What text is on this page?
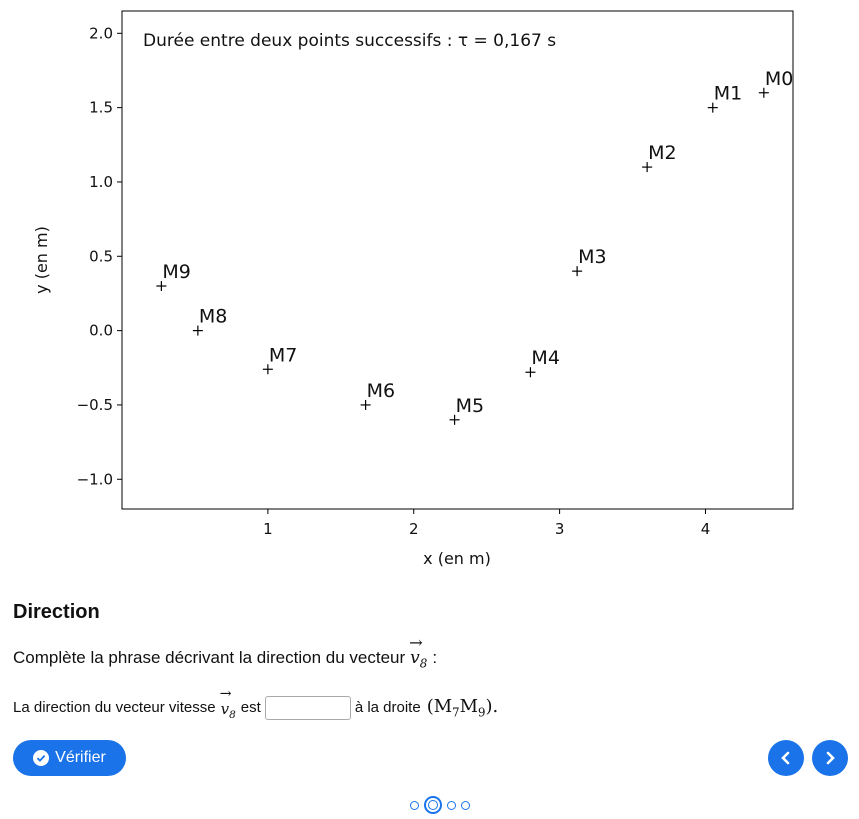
Durée entre deux points successifs : τ = 0,167 s
2.0
1.5
1.0
0.5
0.0
−0.5
−1.0
1	2	3	4
M0
M1
M2
M3
M4
M5
M6
M7
M8
M9
x (en m)
y (en m)
Direction
Complète la phrase décrivant la direction du vecteur
→
$v_8$ :
La direction du vecteur vitesse
→
$v_8$ est	à la droite $(M_7M_9)$.
Vérifier
